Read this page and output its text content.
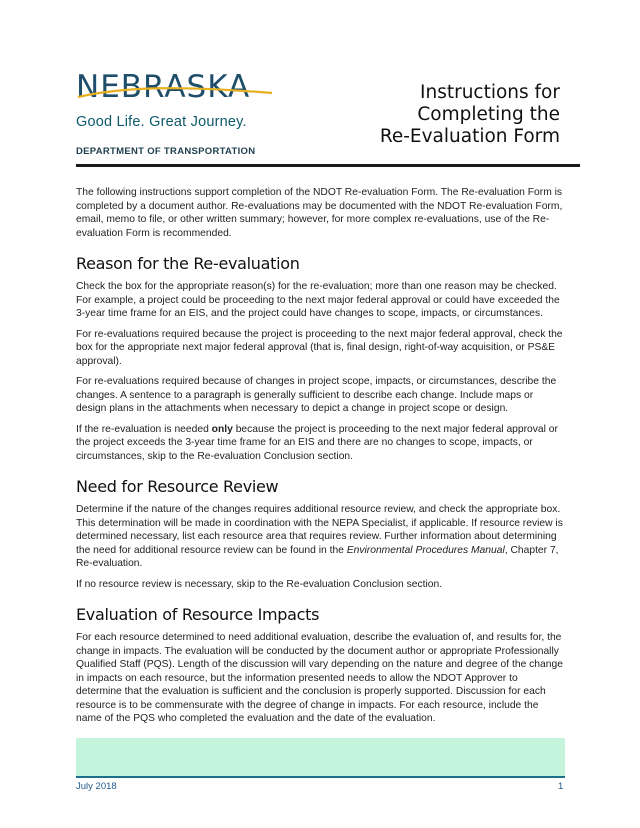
NEBRASKA
Good Life. Great Journey.
DEPARTMENT OF TRANSPORTATION
Instructions for
Completing the
Re-Evaluation Form

The following instructions support completion of the NDOT Re-evaluation Form. The Re-evaluation Form is completed by a document author. Re-evaluations may be documented with the NDOT Re-evaluation Form, email, memo to file, or other written summary; however, for more complex re-evaluations, use of the Re-evaluation Form is recommended.

Reason for the Re-evaluation

Check the box for the appropriate reason(s) for the re-evaluation; more than one reason may be checked. For example, a project could be proceeding to the next major federal approval or could have exceeded the 3-year time frame for an EIS, and the project could have changes to scope, impacts, or circumstances.

For re-evaluations required because the project is proceeding to the next major federal approval, check the box for the appropriate next major federal approval (that is, final design, right-of-way acquisition, or PS&E approval).

For re-evaluations required because of changes in project scope, impacts, or circumstances, describe the changes. A sentence to a paragraph is generally sufficient to describe each change. Include maps or design plans in the attachments when necessary to depict a change in project scope or design.

If the re-evaluation is needed only because the project is proceeding to the next major federal approval or the project exceeds the 3-year time frame for an EIS and there are no changes to scope, impacts, or circumstances, skip to the Re-evaluation Conclusion section.

Need for Resource Review

Determine if the nature of the changes requires additional resource review, and check the appropriate box. This determination will be made in coordination with the NEPA Specialist, if applicable. If resource review is determined necessary, list each resource area that requires review. Further information about determining the need for additional resource review can be found in the Environmental Procedures Manual, Chapter 7, Re-evaluation.

If no resource review is necessary, skip to the Re-evaluation Conclusion section.

Evaluation of Resource Impacts

For each resource determined to need additional evaluation, describe the evaluation of, and results for, the change in impacts. The evaluation will be conducted by the document author or appropriate Professionally Qualified Staff (PQS). Length of the discussion will vary depending on the nature and degree of the change in impacts on each resource, but the information presented needs to allow the NDOT Approver to determine that the evaluation is sufficient and the conclusion is properly supported. Discussion for each resource is to be commensurate with the degree of change in impacts. For each resource, include the name of the PQS who completed the evaluation and the date of the evaluation.

July 2018	1
